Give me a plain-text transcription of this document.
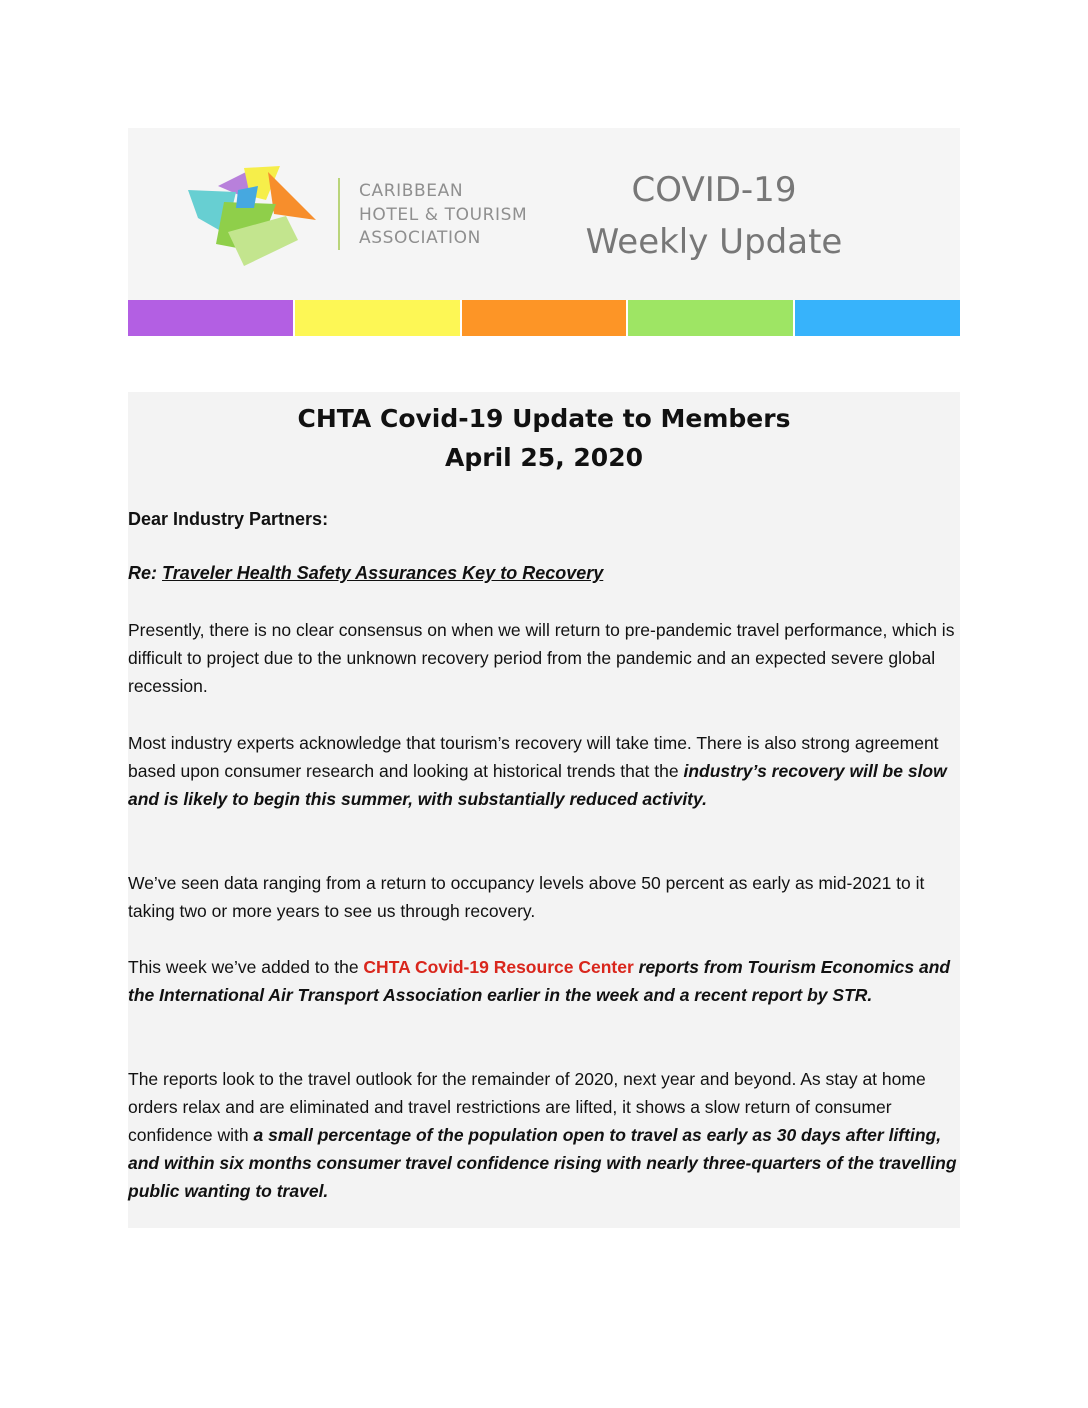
CARIBBEAN
HOTEL & TOURISM
ASSOCIATION
COVID-19
Weekly Update
CHTA Covid-19 Update to Members
April 25, 2020

Dear Industry Partners:

Re: Traveler Health Safety Assurances Key to Recovery

Presently, there is no clear consensus on when we will return to pre-pandemic travel performance, which is difficult to project due to the unknown recovery period from the pandemic and an expected severe global recession.

Most industry experts acknowledge that tourism’s recovery will take time. There is also strong agreement based upon consumer research and looking at historical trends that the industry’s recovery will be slow and is likely to begin this summer, with substantially reduced activity.

We’ve seen data ranging from a return to occupancy levels above 50 percent as early as mid-2021 to it taking two or more years to see us through recovery.

This week we’ve added to the CHTA Covid-19 Resource Center reports from Tourism Economics and the International Air Transport Association earlier in the week and a recent report by STR.

The reports look to the travel outlook for the remainder of 2020, next year and beyond. As stay at home orders relax and are eliminated and travel restrictions are lifted, it shows a slow return of consumer confidence with a small percentage of the population open to travel as early as 30 days after lifting, and within six months consumer travel confidence rising with nearly three-quarters of the travelling public wanting to travel.
